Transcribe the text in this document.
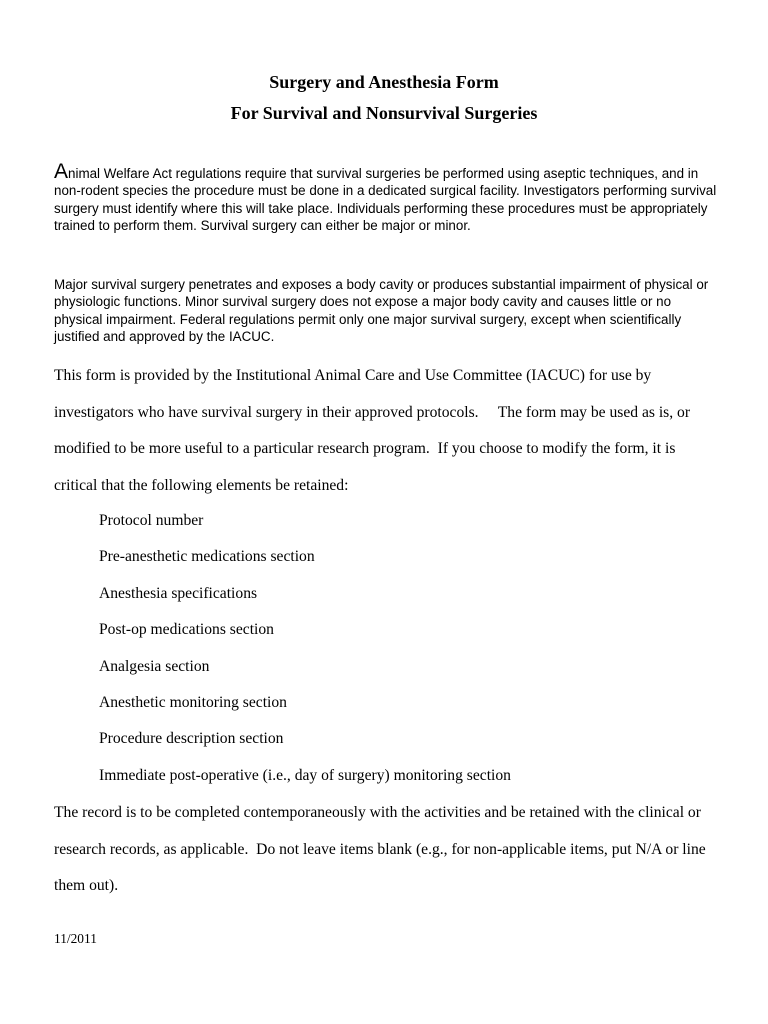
Surgery and Anesthesia Form
For Survival and Nonsurvival Surgeries

Animal Welfare Act regulations require that survival surgeries be performed using aseptic techniques, and in non-rodent species the procedure must be done in a dedicated surgical facility. Investigators performing survival surgery must identify where this will take place. Individuals performing these procedures must be appropriately trained to perform them. Survival surgery can either be major or minor.

Major survival surgery penetrates and exposes a body cavity or produces substantial impairment of physical or physiologic functions. Minor survival surgery does not expose a major body cavity and causes little or no physical impairment. Federal regulations permit only one major survival surgery, except when scientifically justified and approved by the IACUC.

This form is provided by the Institutional Animal Care and Use Committee (IACUC) for use by investigators who have survival surgery in their approved protocols.     The form may be used as is, or modified to be more useful to a particular research program.  If you choose to modify the form, it is critical that the following elements be retained:

Protocol number
Pre-anesthetic medications section
Anesthesia specifications
Post-op medications section
Analgesia section
Anesthetic monitoring section
Procedure description section
Immediate post-operative (i.e., day of surgery) monitoring section

The record is to be completed contemporaneously with the activities and be retained with the clinical or research records, as applicable.  Do not leave items blank (e.g., for non-applicable items, put N/A or line them out).

11/2011
